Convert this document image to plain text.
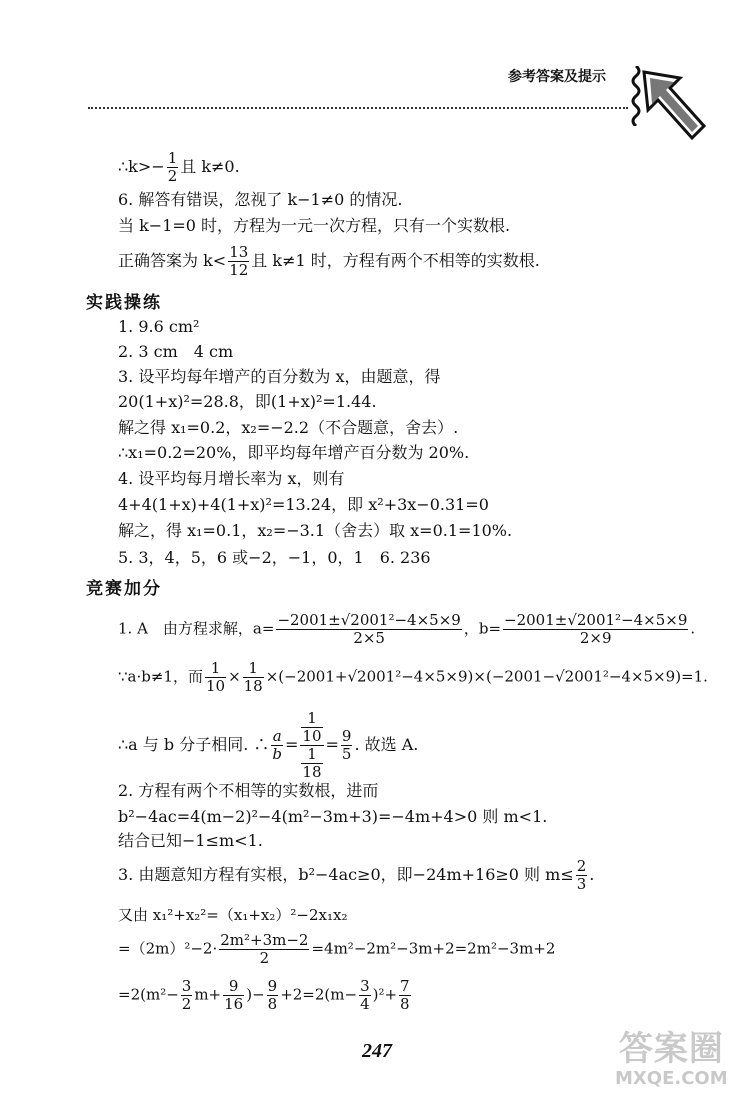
参考答案及提示
∴k>− $\frac{1}{2}$ 且 k≠0.
6. 解答有错误，忽视了 k−1≠0 的情况.
当 k−1=0 时，方程为一元一次方程，只有一个实数根.
正确答案为 $k< \frac{13}{12}$ 且 k≠1 时，方程有两个不相等的实数根.
实践操练
1. 9.6 cm²
2. 3 cm　4 cm
3. 设平均每年增产的百分数为 x，由题意，得
20(1+x)²=28.8，即(1+x)²=1.44.
解之得 x₁=0.2，x₂=−2.2（不合题意，舍去）.
∴x₁=0.2=20%，即平均每年增产百分数为 20%.
4. 设平均每月增长率为 x，则有
4+4(1+x)+4(1+x)²=13.24，即 x²+3x−0.31=0
解之，得 x₁=0.1，x₂=−3.1（舍去）取 x=0.1=10%.
5. 3，4，5，6 或−2，−1，0，1　6. 236
竞赛加分
1. A　由方程求解，$a= \frac{\text{−2001±√2001²−4×5×9}}{2\times 5}$ ，$b= \frac{\text{−2001±√2001²−4×5×9}}{2\times 9}$ .
∵a·b≠1，而 $\frac{1}{10} \times \frac{1}{18} \times(-2001+√2001^2-4\times 5\times 9)\times(-2001-√2001^2-4\times 5\times 9)=1$.
∴a 与 b 分子相同. ∴ $\frac{a}{b} = \frac{\frac{1}{10}}{\frac{1}{18}} = \frac{9}{5}$ . 故选 A.
2. 方程有两个不相等的实数根，进而
b²−4ac=4(m−2)²−4(m²−3m+3)=−4m+4>0 则 m<1.
结合已知−1≤m<1.
3. 由题意知方程有实根，b²−4ac≥0，即−24m+16≥0 则 $m\le \frac{2}{3}$ .
又由 x₁²+x₂²=（x₁+x₂）²−2x₁x₂
$=(2m)^2-2\cdot \frac{\text{2m²+3m−2}}{2} =4m^2-2m^2-3m+2=2m^2-3m+2$
$=2(m^2- \frac{3}{2} m+ \frac{9}{16}$ )− $\frac{9}{8} +2=2(m- \frac{3}{4} )^2+ \frac{7}{8}$
247	答案圈
MXQE.COM
